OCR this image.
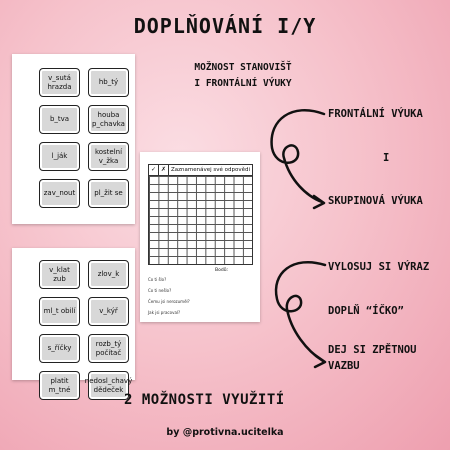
DOPLŇOVÁNÍ I/Y
MOŽNOST STANOVIŠŤ
I FRONTÁLNÍ VÝUKY
v_sutá
hrazda
hb_tý
b_tva
houba
p_chavka
l_ják
kostelní
v_žka
zav_nout	pl_žit se
✓ ✗ Zaznamenávej své odpovědi
Bodů:
Co ti šlo?
Co ti nešlo?
Čemu jsi nerozuměl?
Jak jsi pracoval?
v_klat
zub
zlov_k
ml_t obilí	v_kýř
s_říčky
rozb_tý
počítač
platit
m_tné
nedosl_chavý
dědeček
FRONTÁLNÍ VÝUKA
I
SKUPINOVÁ VÝUKA
VYLOSUJ SI VÝRAZ
DOPLŇ “ÍČKO”
DEJ SI ZPĚTNOU
VAZBU
2 MOŽNOSTI VYUŽITÍ
by @protivna.ucitelka
